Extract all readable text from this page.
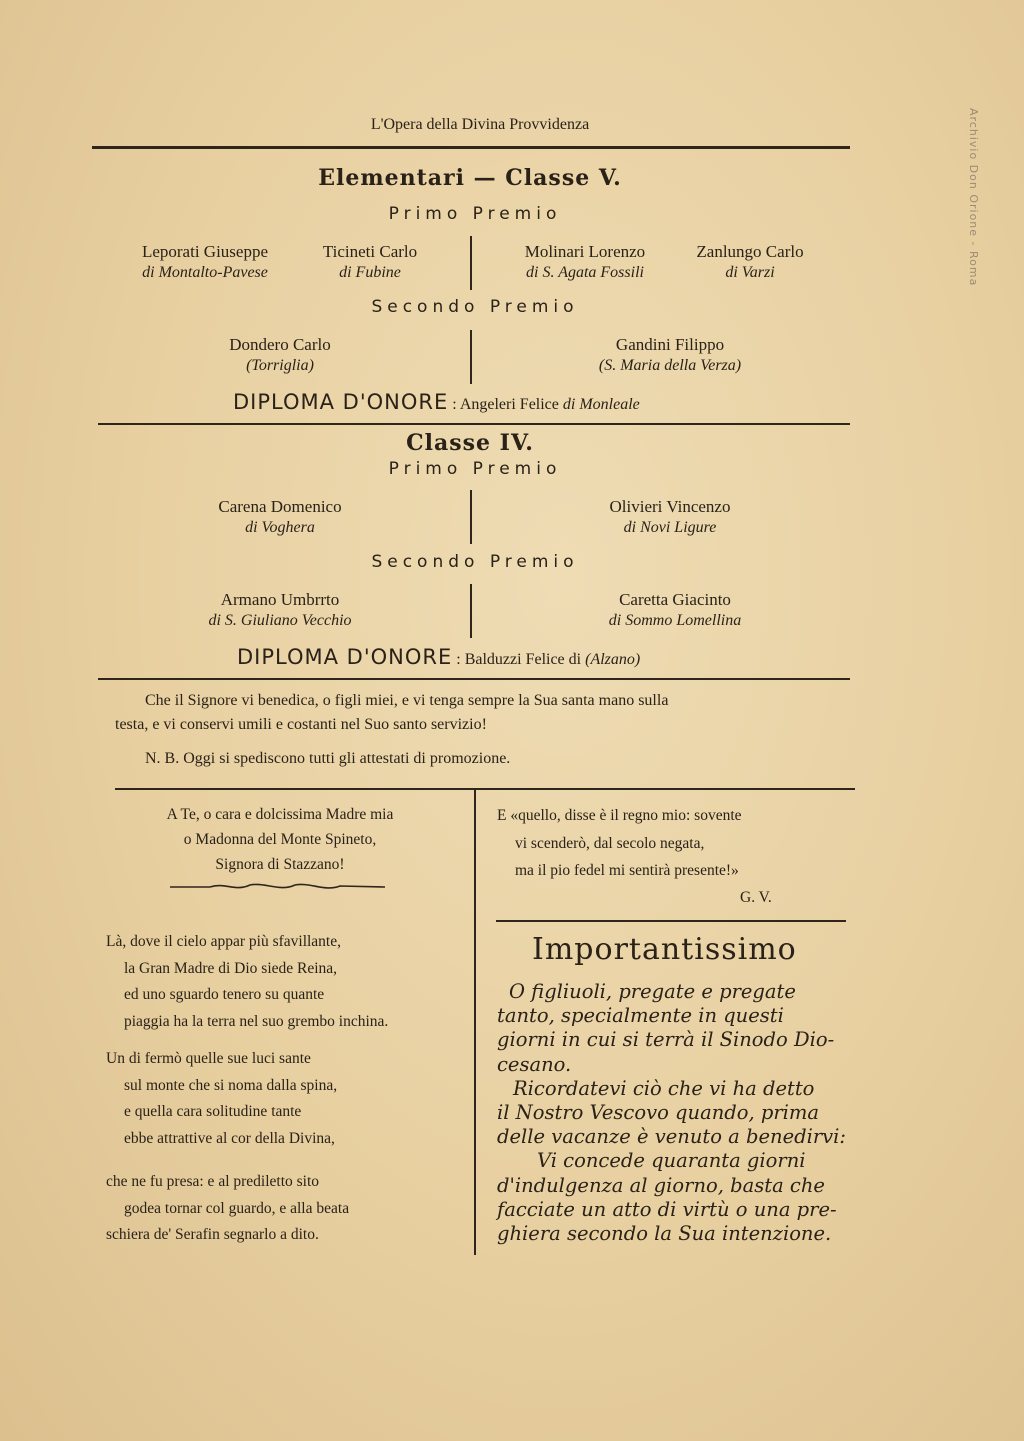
Archivio Don Orione - Roma
L'Opera della Divina Provvidenza
Elementari — Classe V.
Primo Premio
Leporati Giuseppe
di Montalto-Pavese
Ticineti Carlo
di Fubine
Molinari Lorenzo
di S. Agata Fossili
Zanlungo Carlo
di Varzi
Secondo Premio
Dondero Carlo
(Torriglia)
Gandini Filippo
(S. Maria della Verza)
DIPLOMA D'ONORE : Angeleri Felice di Monleale
Classe IV.
Primo Premio
Carena Domenico
di Voghera
Olivieri Vincenzo
di Novi Ligure
Secondo Premio
Armano Umbrrto
di S. Giuliano Vecchio
Caretta Giacinto
di Sommo Lomellina
DIPLOMA D'ONORE : Balduzzi Felice di (Alzano)
Che il Signore vi benedica, o figli miei, e vi tenga sempre la Sua santa mano sulla
testa, e vi conservi umili e costanti nel Suo santo servizio!
N. B. Oggi si spediscono tutti gli attestati di promozione.
A Te, o cara e dolcissima Madre mia
o Madonna del Monte Spineto,
Signora di Stazzano!
Là, dove il cielo appar più sfavillante,
la Gran Madre di Dio siede Reina,
ed uno sguardo tenero su quante
piaggia ha la terra nel suo grembo inchina.
Un di fermò quelle sue luci sante
sul monte che si noma dalla spina,
e quella cara solitudine tante
ebbe attrattive al cor della Divina,
che ne fu presa: e al prediletto sito
godea tornar col guardo, e alla beata
schiera de' Serafin segnarlo a dito.
E «quello, disse è il regno mio: sovente
vi scenderò, dal secolo negata,
ma il pio fedel mi sentirà presente!»
G. V.
Importantissimo
O figliuoli, pregate e pregate
tanto, specialmente in questi
giorni in cui si terrà il Sinodo Dio-
cesano.
Ricordatevi ciò che vi ha detto
il Nostro Vescovo quando, prima
delle vacanze è venuto a benedirvi:
Vi concede quaranta giorni
d'indulgenza al giorno, basta che
facciate un atto di virtù o una pre-
ghiera secondo la Sua intenzione.
